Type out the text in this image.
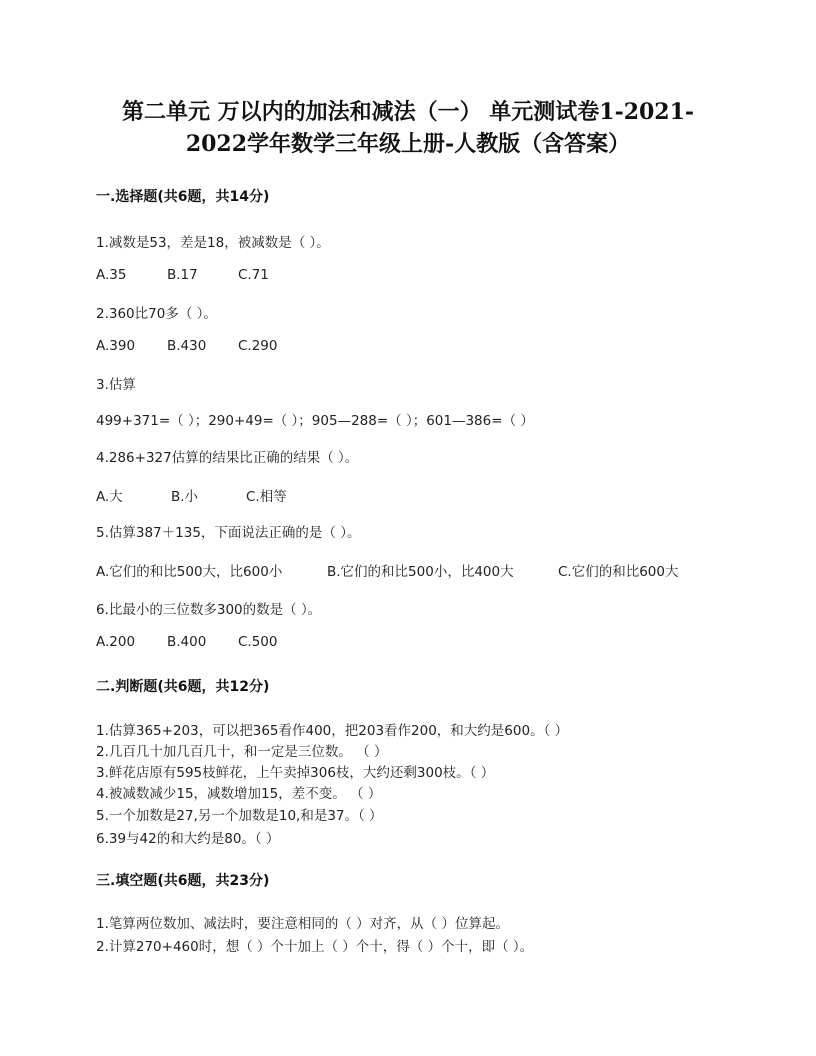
第二单元 万以内的加法和减法（一） 单元测试卷1-2021-
2022学年数学三年级上册-人教版（含答案）
一.选择题(共6题，共14分)
1.减数是53，差是18，被减数是（ ）。
A.35	B.17	C.71
2.360比70多（ ）。
A.390 B.430 C.290
3.估算
499+371=（ ）；290+49=（ ）；905—288=（ ）；601—386=（ ）
4.286+327估算的结果比正确的结果（ ）。
A.大	B.小	C.相等
5.估算387＋135，下面说法正确的是（ ）。
A.它们的和比500大，比600小	B.它们的和比500小，比400大	C.它们的和比600大
6.比最小的三位数多300的数是（ ）。
A.200 B.400 C.500
二.判断题(共6题，共12分)
1.估算365+203，可以把365看作400，把203看作200，和大约是600。（ ）
2.几百几十加几百几十，和一定是三位数。 （ ）
3.鲜花店原有595枝鲜花，上午卖掉306枝，大约还剩300枝。（ ）
4.被减数减少15，减数增加15，差不变。 （ ）
5.一个加数是27,另一个加数是10,和是37。（ ）
6.39与42的和大约是80。（ ）
三.填空题(共6题，共23分)
1.笔算两位数加、减法时，要注意相同的（ ）对齐，从（ ）位算起。
2.计算270+460时，想（ ）个十加上（ ）个十，得（ ）个十，即（ ）。
